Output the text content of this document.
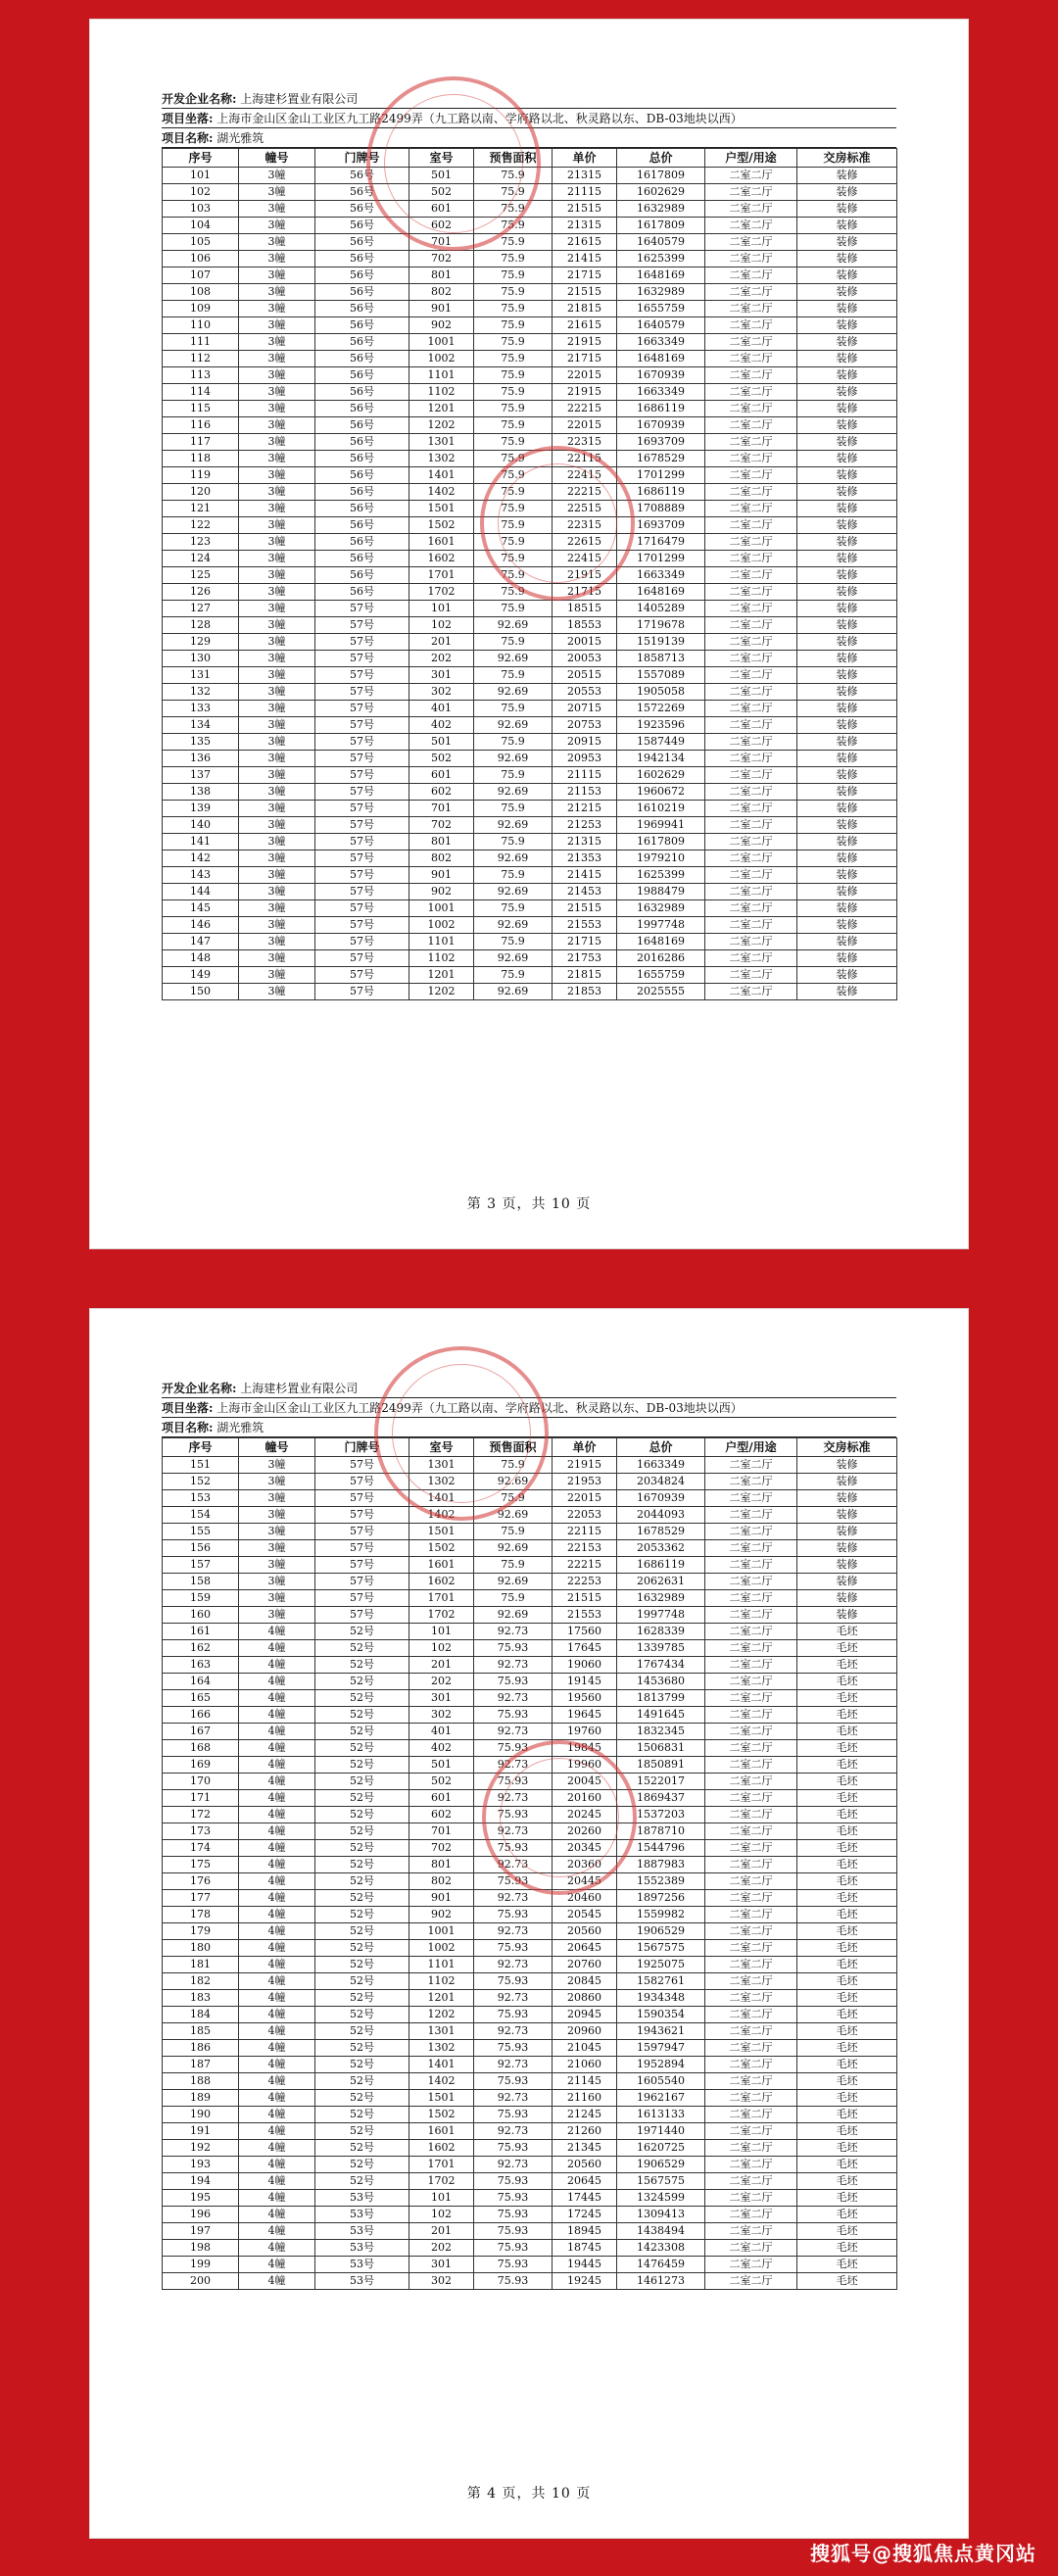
开发企业名称: 上海建杉置业有限公司
项目坐落: 上海市金山区金山工业区九工路2499弄（九工路以南、学府路以北、秋灵路以东、DB-03地块以西）
项目名称: 湖光雅筑
序号	幢号	门牌号	室号	预售面积	单价	总价	户型/用途	交房标准
101	3幢	56号	501	75.9	21315	1617809	二室二厅	装修
102	3幢	56号	502	75.9	21115	1602629	二室二厅	装修
103	3幢	56号	601	75.9	21515	1632989	二室二厅	装修
104	3幢	56号	602	75.9	21315	1617809	二室二厅	装修
105	3幢	56号	701	75.9	21615	1640579	二室二厅	装修
106	3幢	56号	702	75.9	21415	1625399	二室二厅	装修
107	3幢	56号	801	75.9	21715	1648169	二室二厅	装修
108	3幢	56号	802	75.9	21515	1632989	二室二厅	装修
109	3幢	56号	901	75.9	21815	1655759	二室二厅	装修
110	3幢	56号	902	75.9	21615	1640579	二室二厅	装修
111	3幢	56号	1001	75.9	21915	1663349	二室二厅	装修
112	3幢	56号	1002	75.9	21715	1648169	二室二厅	装修
113	3幢	56号	1101	75.9	22015	1670939	二室二厅	装修
114	3幢	56号	1102	75.9	21915	1663349	二室二厅	装修
115	3幢	56号	1201	75.9	22215	1686119	二室二厅	装修
116	3幢	56号	1202	75.9	22015	1670939	二室二厅	装修
117	3幢	56号	1301	75.9	22315	1693709	二室二厅	装修
118	3幢	56号	1302	75.9	22115	1678529	二室二厅	装修
119	3幢	56号	1401	75.9	22415	1701299	二室二厅	装修
120	3幢	56号	1402	75.9	22215	1686119	二室二厅	装修
121	3幢	56号	1501	75.9	22515	1708889	二室二厅	装修
122	3幢	56号	1502	75.9	22315	1693709	二室二厅	装修
123	3幢	56号	1601	75.9	22615	1716479	二室二厅	装修
124	3幢	56号	1602	75.9	22415	1701299	二室二厅	装修
125	3幢	56号	1701	75.9	21915	1663349	二室二厅	装修
126	3幢	56号	1702	75.9	21715	1648169	二室二厅	装修
127	3幢	57号	101	75.9	18515	1405289	二室二厅	装修
128	3幢	57号	102	92.69	18553	1719678	二室二厅	装修
129	3幢	57号	201	75.9	20015	1519139	二室二厅	装修
130	3幢	57号	202	92.69	20053	1858713	二室二厅	装修
131	3幢	57号	301	75.9	20515	1557089	二室二厅	装修
132	3幢	57号	302	92.69	20553	1905058	二室二厅	装修
133	3幢	57号	401	75.9	20715	1572269	二室二厅	装修
134	3幢	57号	402	92.69	20753	1923596	二室二厅	装修
135	3幢	57号	501	75.9	20915	1587449	二室二厅	装修
136	3幢	57号	502	92.69	20953	1942134	二室二厅	装修
137	3幢	57号	601	75.9	21115	1602629	二室二厅	装修
138	3幢	57号	602	92.69	21153	1960672	二室二厅	装修
139	3幢	57号	701	75.9	21215	1610219	二室二厅	装修
140	3幢	57号	702	92.69	21253	1969941	二室二厅	装修
141	3幢	57号	801	75.9	21315	1617809	二室二厅	装修
142	3幢	57号	802	92.69	21353	1979210	二室二厅	装修
143	3幢	57号	901	75.9	21415	1625399	二室二厅	装修
144	3幢	57号	902	92.69	21453	1988479	二室二厅	装修
145	3幢	57号	1001	75.9	21515	1632989	二室二厅	装修
146	3幢	57号	1002	92.69	21553	1997748	二室二厅	装修
147	3幢	57号	1101	75.9	21715	1648169	二室二厅	装修
148	3幢	57号	1102	92.69	21753	2016286	二室二厅	装修
149	3幢	57号	1201	75.9	21815	1655759	二室二厅	装修
150	3幢	57号	1202	92.69	21853	2025555	二室二厅	装修
第 3 页，共 10 页
开发企业名称: 上海建杉置业有限公司
项目坐落: 上海市金山区金山工业区九工路2499弄（九工路以南、学府路以北、秋灵路以东、DB-03地块以西）
项目名称: 湖光雅筑
序号	幢号	门牌号	室号	预售面积	单价	总价	户型/用途	交房标准
151	3幢	57号	1301	75.9	21915	1663349	二室二厅	装修
152	3幢	57号	1302	92.69	21953	2034824	二室二厅	装修
153	3幢	57号	1401	75.9	22015	1670939	二室二厅	装修
154	3幢	57号	1402	92.69	22053	2044093	二室二厅	装修
155	3幢	57号	1501	75.9	22115	1678529	二室二厅	装修
156	3幢	57号	1502	92.69	22153	2053362	二室二厅	装修
157	3幢	57号	1601	75.9	22215	1686119	二室二厅	装修
158	3幢	57号	1602	92.69	22253	2062631	二室二厅	装修
159	3幢	57号	1701	75.9	21515	1632989	二室二厅	装修
160	3幢	57号	1702	92.69	21553	1997748	二室二厅	装修
161	4幢	52号	101	92.73	17560	1628339	二室二厅	毛坯
162	4幢	52号	102	75.93	17645	1339785	二室二厅	毛坯
163	4幢	52号	201	92.73	19060	1767434	二室二厅	毛坯
164	4幢	52号	202	75.93	19145	1453680	二室二厅	毛坯
165	4幢	52号	301	92.73	19560	1813799	二室二厅	毛坯
166	4幢	52号	302	75.93	19645	1491645	二室二厅	毛坯
167	4幢	52号	401	92.73	19760	1832345	二室二厅	毛坯
168	4幢	52号	402	75.93	19845	1506831	二室二厅	毛坯
169	4幢	52号	501	92.73	19960	1850891	二室二厅	毛坯
170	4幢	52号	502	75.93	20045	1522017	二室二厅	毛坯
171	4幢	52号	601	92.73	20160	1869437	二室二厅	毛坯
172	4幢	52号	602	75.93	20245	1537203	二室二厅	毛坯
173	4幢	52号	701	92.73	20260	1878710	二室二厅	毛坯
174	4幢	52号	702	75.93	20345	1544796	二室二厅	毛坯
175	4幢	52号	801	92.73	20360	1887983	二室二厅	毛坯
176	4幢	52号	802	75.93	20445	1552389	二室二厅	毛坯
177	4幢	52号	901	92.73	20460	1897256	二室二厅	毛坯
178	4幢	52号	902	75.93	20545	1559982	二室二厅	毛坯
179	4幢	52号	1001	92.73	20560	1906529	二室二厅	毛坯
180	4幢	52号	1002	75.93	20645	1567575	二室二厅	毛坯
181	4幢	52号	1101	92.73	20760	1925075	二室二厅	毛坯
182	4幢	52号	1102	75.93	20845	1582761	二室二厅	毛坯
183	4幢	52号	1201	92.73	20860	1934348	二室二厅	毛坯
184	4幢	52号	1202	75.93	20945	1590354	二室二厅	毛坯
185	4幢	52号	1301	92.73	20960	1943621	二室二厅	毛坯
186	4幢	52号	1302	75.93	21045	1597947	二室二厅	毛坯
187	4幢	52号	1401	92.73	21060	1952894	二室二厅	毛坯
188	4幢	52号	1402	75.93	21145	1605540	二室二厅	毛坯
189	4幢	52号	1501	92.73	21160	1962167	二室二厅	毛坯
190	4幢	52号	1502	75.93	21245	1613133	二室二厅	毛坯
191	4幢	52号	1601	92.73	21260	1971440	二室二厅	毛坯
192	4幢	52号	1602	75.93	21345	1620725	二室二厅	毛坯
193	4幢	52号	1701	92.73	20560	1906529	二室二厅	毛坯
194	4幢	52号	1702	75.93	20645	1567575	二室二厅	毛坯
195	4幢	53号	101	75.93	17445	1324599	二室二厅	毛坯
196	4幢	53号	102	75.93	17245	1309413	二室二厅	毛坯
197	4幢	53号	201	75.93	18945	1438494	二室二厅	毛坯
198	4幢	53号	202	75.93	18745	1423308	二室二厅	毛坯
199	4幢	53号	301	75.93	19445	1476459	二室二厅	毛坯
200	4幢	53号	302	75.93	19245	1461273	二室二厅	毛坯
第 4 页，共 10 页
搜狐号@搜狐焦点黄冈站
